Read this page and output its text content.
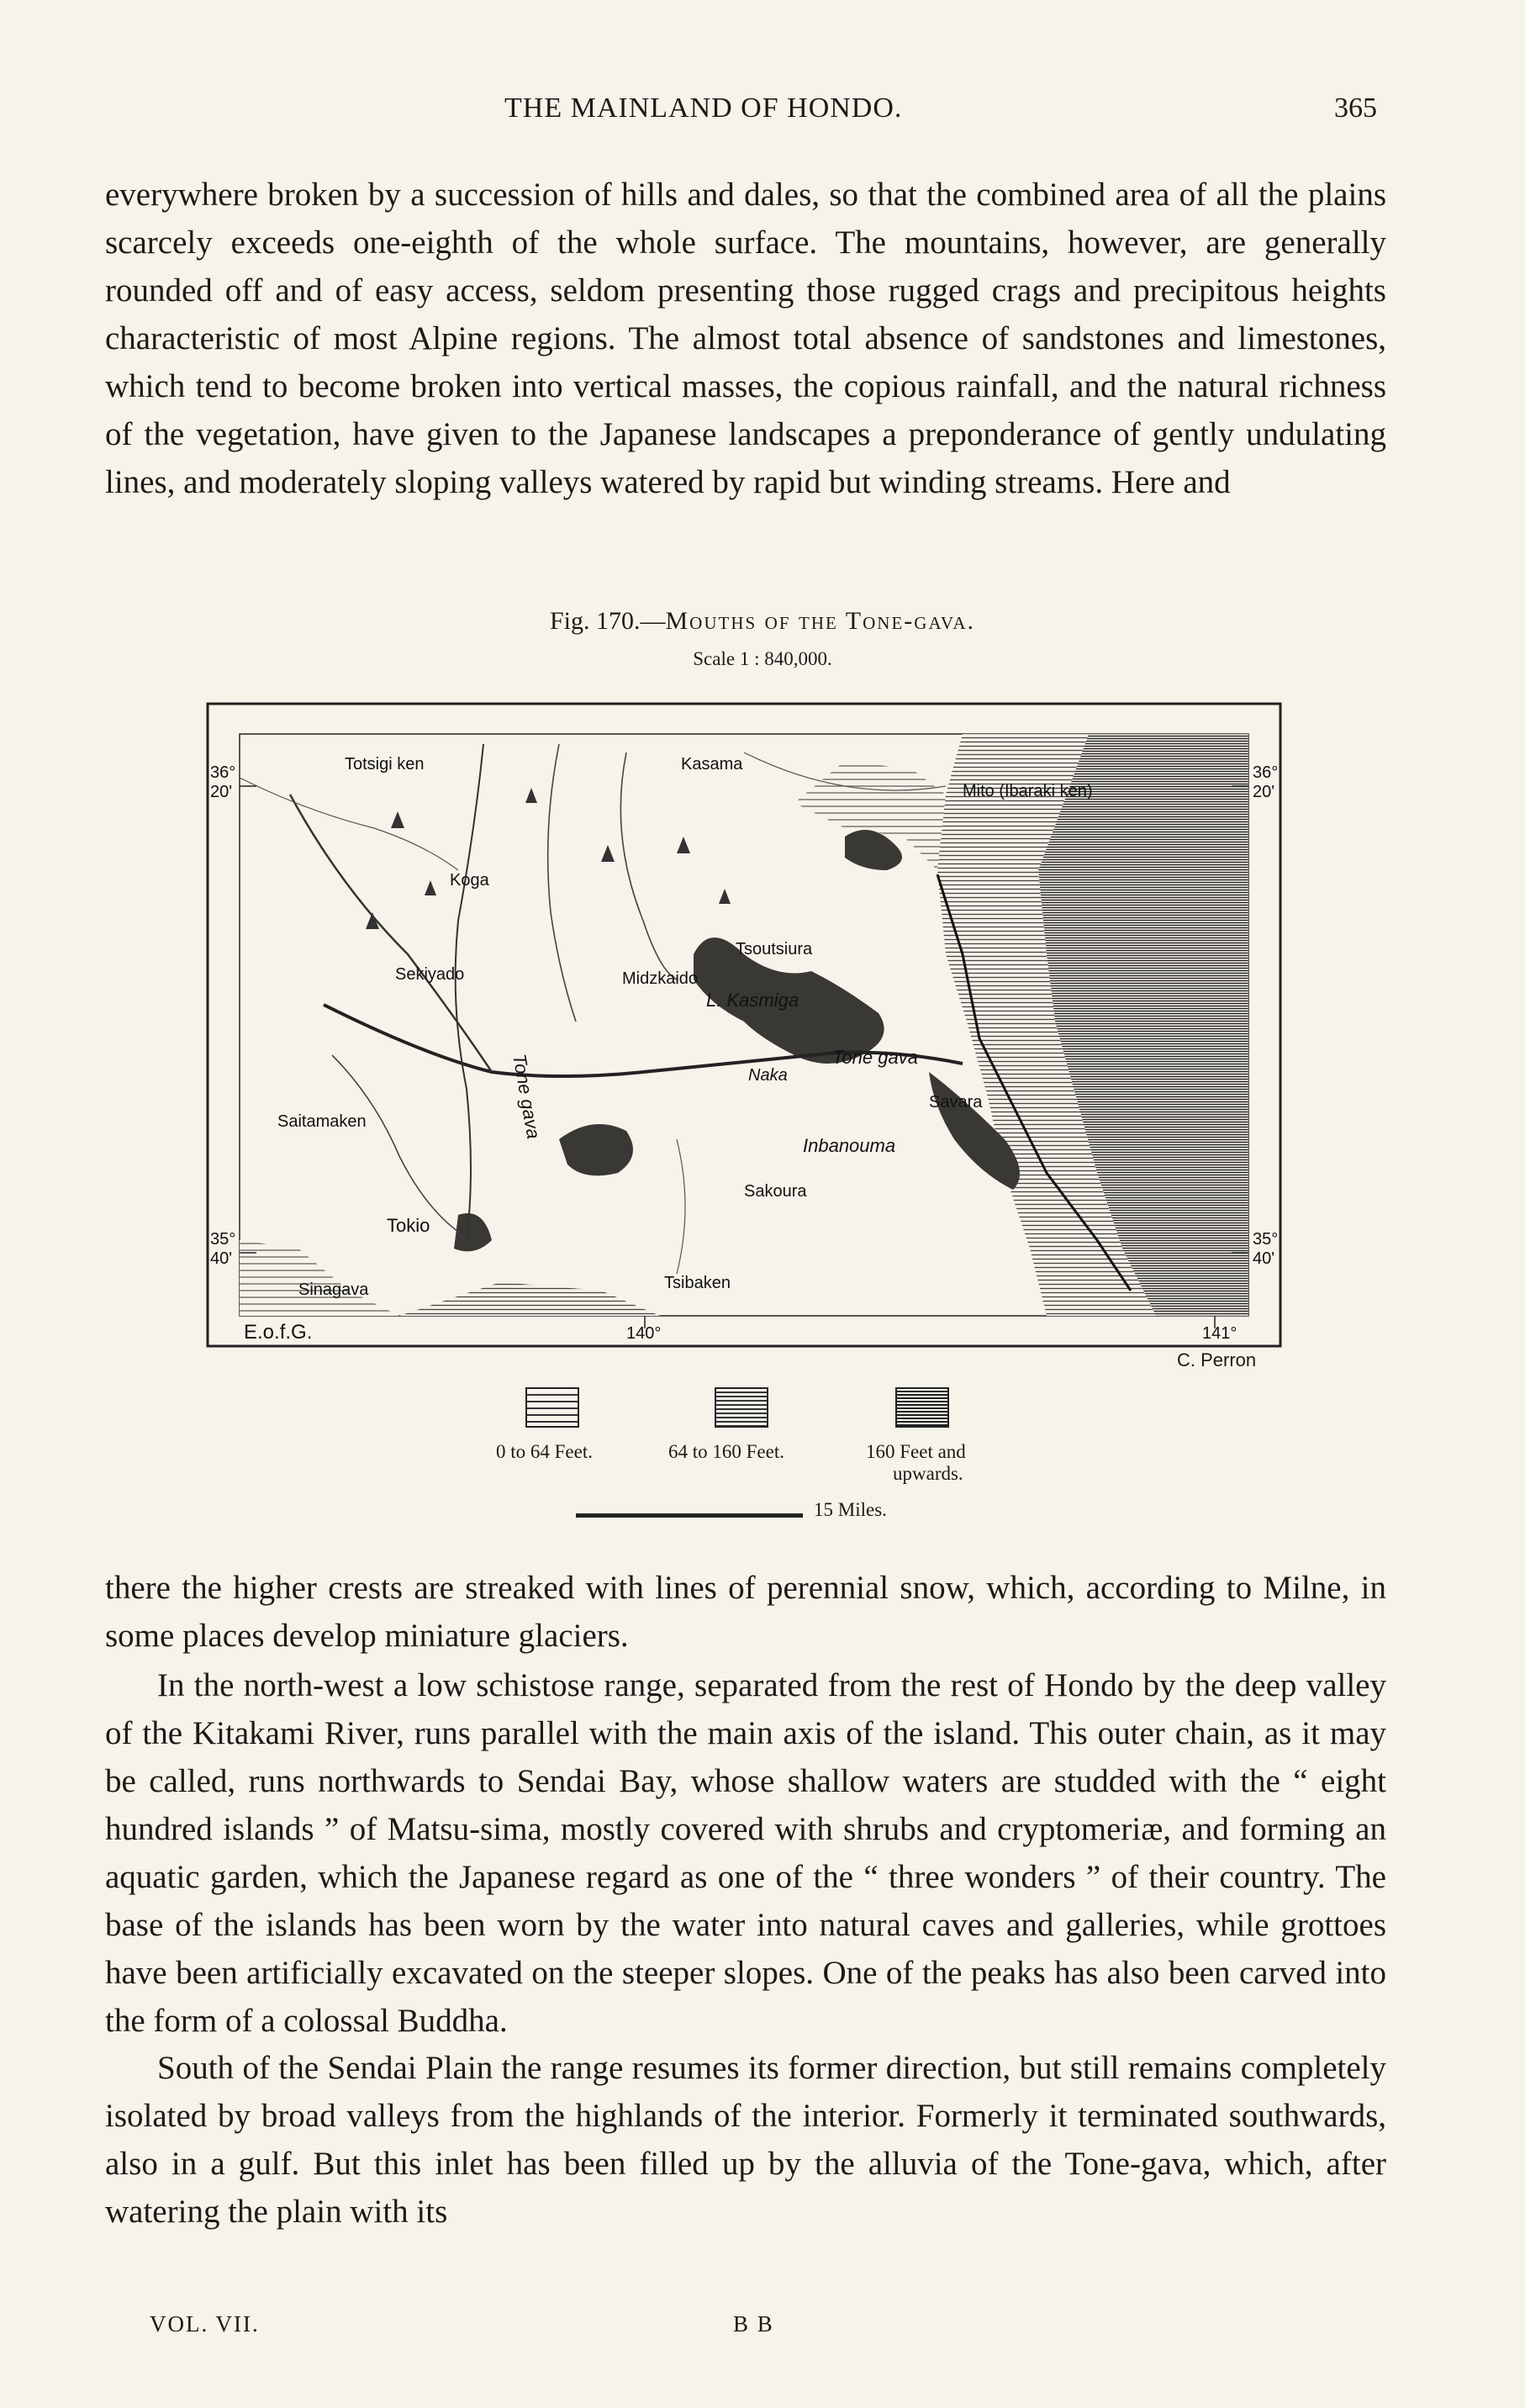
THE MAINLAND OF HONDO.	365

everywhere broken by a succession of hills and dales, so that the combined area of all the plains scarcely exceeds one-eighth of the whole surface. The mountains, however, are generally rounded off and of easy access, seldom presenting those rugged crags and precipitous heights characteristic of most Alpine regions. The almost total absence of sandstones and limestones, which tend to become broken into vertical masses, the copious rainfall, and the natural richness of the vegetation, have given to the Japanese landscapes a preponderance of gently undulating lines, and moderately sloping valleys watered by rapid but winding streams. Here and

Fig. 170.—Mouths of the Tone-gava.
Scale 1 : 840,000.
Totsigi ken	Kasama
Mito (Ibaraki ken)
Koga
Sekiyado	Midzkaido
Tsoutsiura
L. Kasmiga
Tone gava
Naka
Savara
Inbanouma
Saitamaken
Sakoura
Tokio
Sinagava	Tsibaken
Tone gava
36°
20'
36°
20'
35°
40'
35°
40'
140°	141°
E.o.f.G.
C. Perron
0 to 64 Feet.	64 to 160 Feet.	160 Feet and
upwards.
15 Miles.

there the higher crests are streaked with lines of perennial snow, which, according to Milne, in some places develop miniature glaciers.

In the north-west a low schistose range, separated from the rest of Hondo by the deep valley of the Kitakami River, runs parallel with the main axis of the island. This outer chain, as it may be called, runs northwards to Sendai Bay, whose shallow waters are studded with the “ eight hundred islands ” of Matsu-sima, mostly covered with shrubs and cryptomeriæ, and forming an aquatic garden, which the Japanese regard as one of the “ three wonders ” of their country. The base of the islands has been worn by the water into natural caves and galleries, while grottoes have been artificially excavated on the steeper slopes. One of the peaks has also been carved into the form of a colossal Buddha.

South of the Sendai Plain the range resumes its former direction, but still remains completely isolated by broad valleys from the highlands of the interior. Formerly it terminated southwards, also in a gulf. But this inlet has been filled up by the alluvia of the Tone-gava, which, after watering the plain with its

VOL. VII.	B B
